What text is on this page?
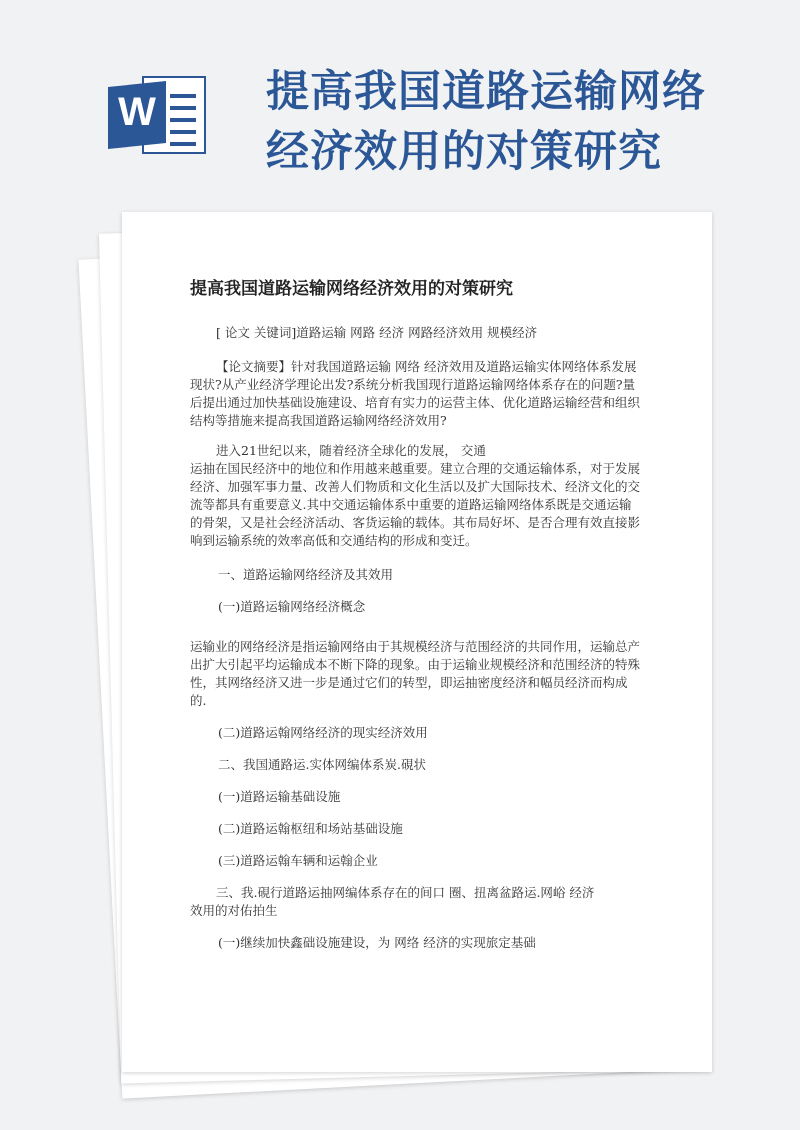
W	提高我国道路运输网络
经济效用的对策研究
提高我国道路运输网络经济效用的对策研究
[ 论文 关键词]道路运输 网路 经济 网路经济效用 规模经济
【论文摘要】针对我国道路运输 网络 经济效用及道路运输实体网络体系发展
现状?从产业经济学理论出发?系统分析我国现行道路运输网络体系存在的问题?量后提出通过加快基础设施建设、培育有实力的运营主体、优化道路运输经营和组织结构等措施来提高我国道路运输网络经济效用?
进入21世纪以来，随着经济全球化的发展， 交通
运抽在国民经济中的地位和作用越来越重要。建立合理的交通运输体系，对于发展经济、加强军事力量、改善人们物质和文化生活以及扩大国际技术、经济文化的交流等都具有重要意义.其中交通运输体系中重要的道路运输网络体系既是交通运输的骨架，又是社会经济活动、客货运输的载体。其布局好坏、是否合理有效直接影响到运输系统的效率高低和交通结构的形成和变迁。
一、道路运输网络经济及其效用
(一)道路运输网络经济概念
运输业的网络经济是指运输网络由于其规模经济与范围经济的共同作用，运输总产出扩大引起平均运输成本不断下降的现象。由于运输业规模经济和范围经济的特殊性，其网络经济又进一步是通过它们的转型，即运抽密度经济和幅员经济而构成的.
(二)道路运翰网络经济的现实经济效用
二、我国通路运.实体网编体系炭.硯状
(一)道路运输基础设施
(二)道路运翰枢纽和场站基础设施
(三)道路运翰车辆和运翰企业
三、我.硯行道路运抽网编体系存在的间口 圈、扭离盆路运.网峪 经济
效用的对佑拍生
(一)继续加快鑫础设施建设，为 网络 经济的实现旅定基础
